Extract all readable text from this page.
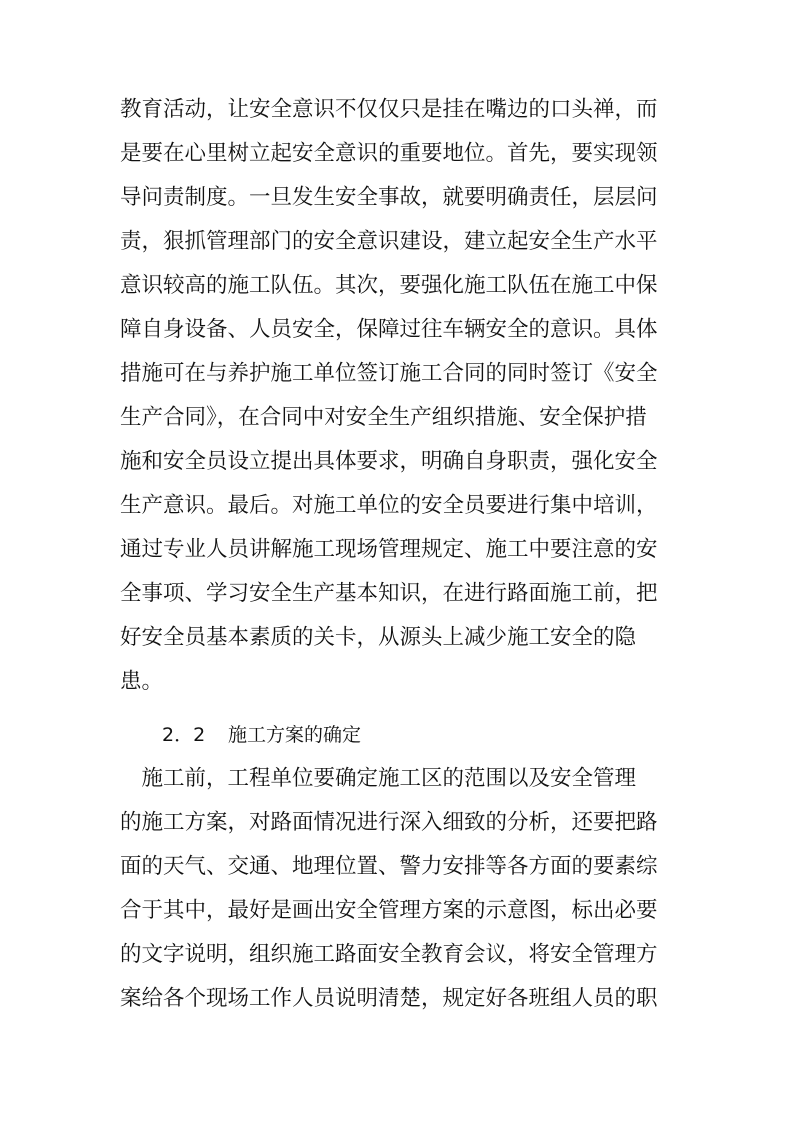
教育活动，让安全意识不仅仅只是挂在嘴边的口头禅，而
是要在心里树立起安全意识的重要地位。首先，要实现领
导问责制度。一旦发生安全事故，就要明确责任，层层问
责，狠抓管理部门的安全意识建设，建立起安全生产水平
意识较高的施工队伍。其次，要强化施工队伍在施工中保
障自身设备、人员安全，保障过往车辆安全的意识。具体
措施可在与养护施工单位签订施工合同的同时签订《安全
生产合同》，在合同中对安全生产组织措施、安全保护措
施和安全员设立提出具体要求，明确自身职责，强化安全
生产意识。最后。对施工单位的安全员要进行集中培训，
通过专业人员讲解施工现场管理规定、施工中要注意的安
全事项、学习安全生产基本知识，在进行路面施工前，把
好安全员基本素质的关卡，从源头上减少施工安全的隐
患。
2．2 施工方案的确定
　施工前，工程单位要确定施工区的范围以及安全管理
的施工方案，对路面情况进行深入细致的分析，还要把路
面的天气、交通、地理位置、警力安排等各方面的要素综
合于其中，最好是画出安全管理方案的示意图，标出必要
的文字说明，组织施工路面安全教育会议，将安全管理方
案给各个现场工作人员说明清楚，规定好各班组人员的职
